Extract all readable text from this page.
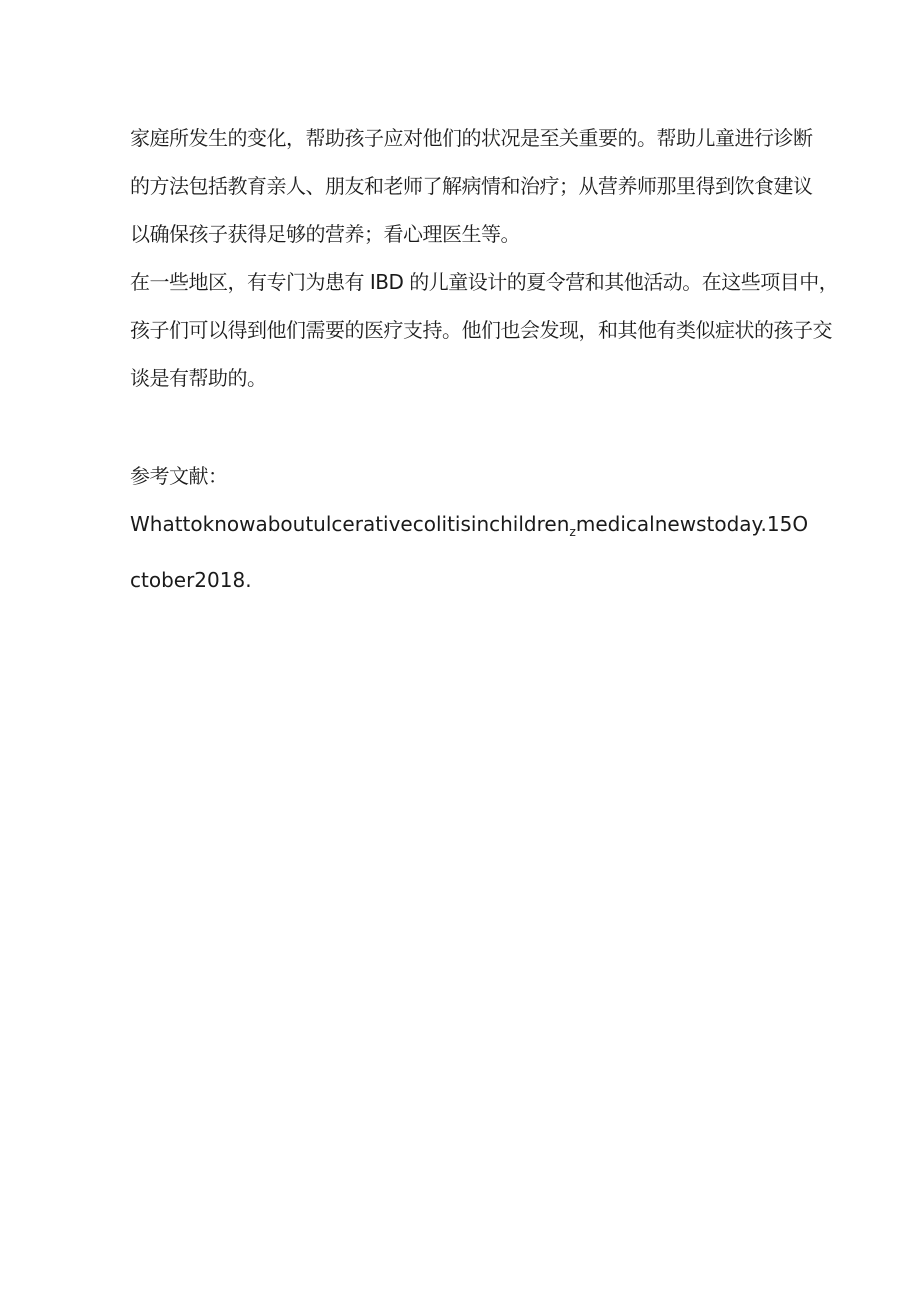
家庭所发生的变化，帮助孩子应对他们的状况是至关重要的。帮助儿童进行诊断
的方法包括教育亲人、朋友和老师了解病情和治疗；从营养师那里得到饮食建议
以确保孩子获得足够的营养；看心理医生等。
在一些地区，有专门为患有 IBD 的儿童设计的夏令营和其他活动。在这些项目中，
孩子们可以得到他们需要的医疗支持。他们也会发现，和其他有类似症状的孩子交
谈是有帮助的。
参考文献：
Whattoknowaboutulcerativecolitisinchildren$_z$medicalnewstoday.15O
ctober2018.
